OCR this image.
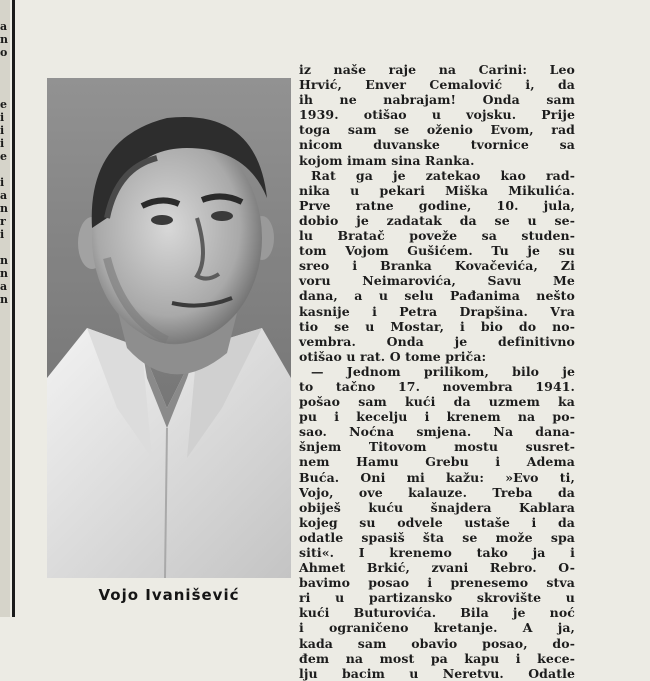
a
n
o

e
i
i
i
e

i
a
n
r
i

n
n
a
n
Vojo Ivanišević
iz naše raje na Carini: Leo
Hrvić, Enver Cemalović i, da
ih ne nabrajam! Onda sam
1939. otišao u vojsku. Prije
toga sam se oženio Evom, rad
nicom duvanske tvornice sa
kojom imam sina Ranka.
Rat ga je zatekao kao rad-
nika u pekari Miška Mikulića.
Prve ratne godine, 10. jula,
dobio je zadatak da se u se-
lu Bratač poveže sa studen-
tom Vojom Gušićem. Tu je su
sreo i Branka Kovačevića, Zi
voru Neimarovića, Savu Me
dana, a u selu Pađanima nešto
kasnije i Petra Drapšina. Vra
tio se u Mostar, i bio do no-
vembra. Onda je definitivno
otišao u rat. O tome priča:
— Jednom prilikom, bilo je
to tačno 17. novembra 1941.
pošao sam kući da uzmem ka
pu i kecelju i krenem na po-
sao. Noćna smjena. Na dana-
šnjem Titovom mostu susret-
nem Hamu Grebu i Adema
Buća. Oni mi kažu: »Evo ti,
Vojo, ove kalauze. Treba da
obiješ kuću šnajdera Kablara
kojeg su odvele ustaše i da
odatle spasiš šta se može spa
siti«. I krenemo tako ja i
Ahmet Brkić, zvani Rebro. O-
bavimo posao i prenesemo stva
ri u partizansko skrovište u
kući Buturovića. Bila je noć
i ograničeno kretanje. A ja,
kada sam obavio posao, do-
đem na most pa kapu i kece-
lju bacim u Neretvu. Odatle
